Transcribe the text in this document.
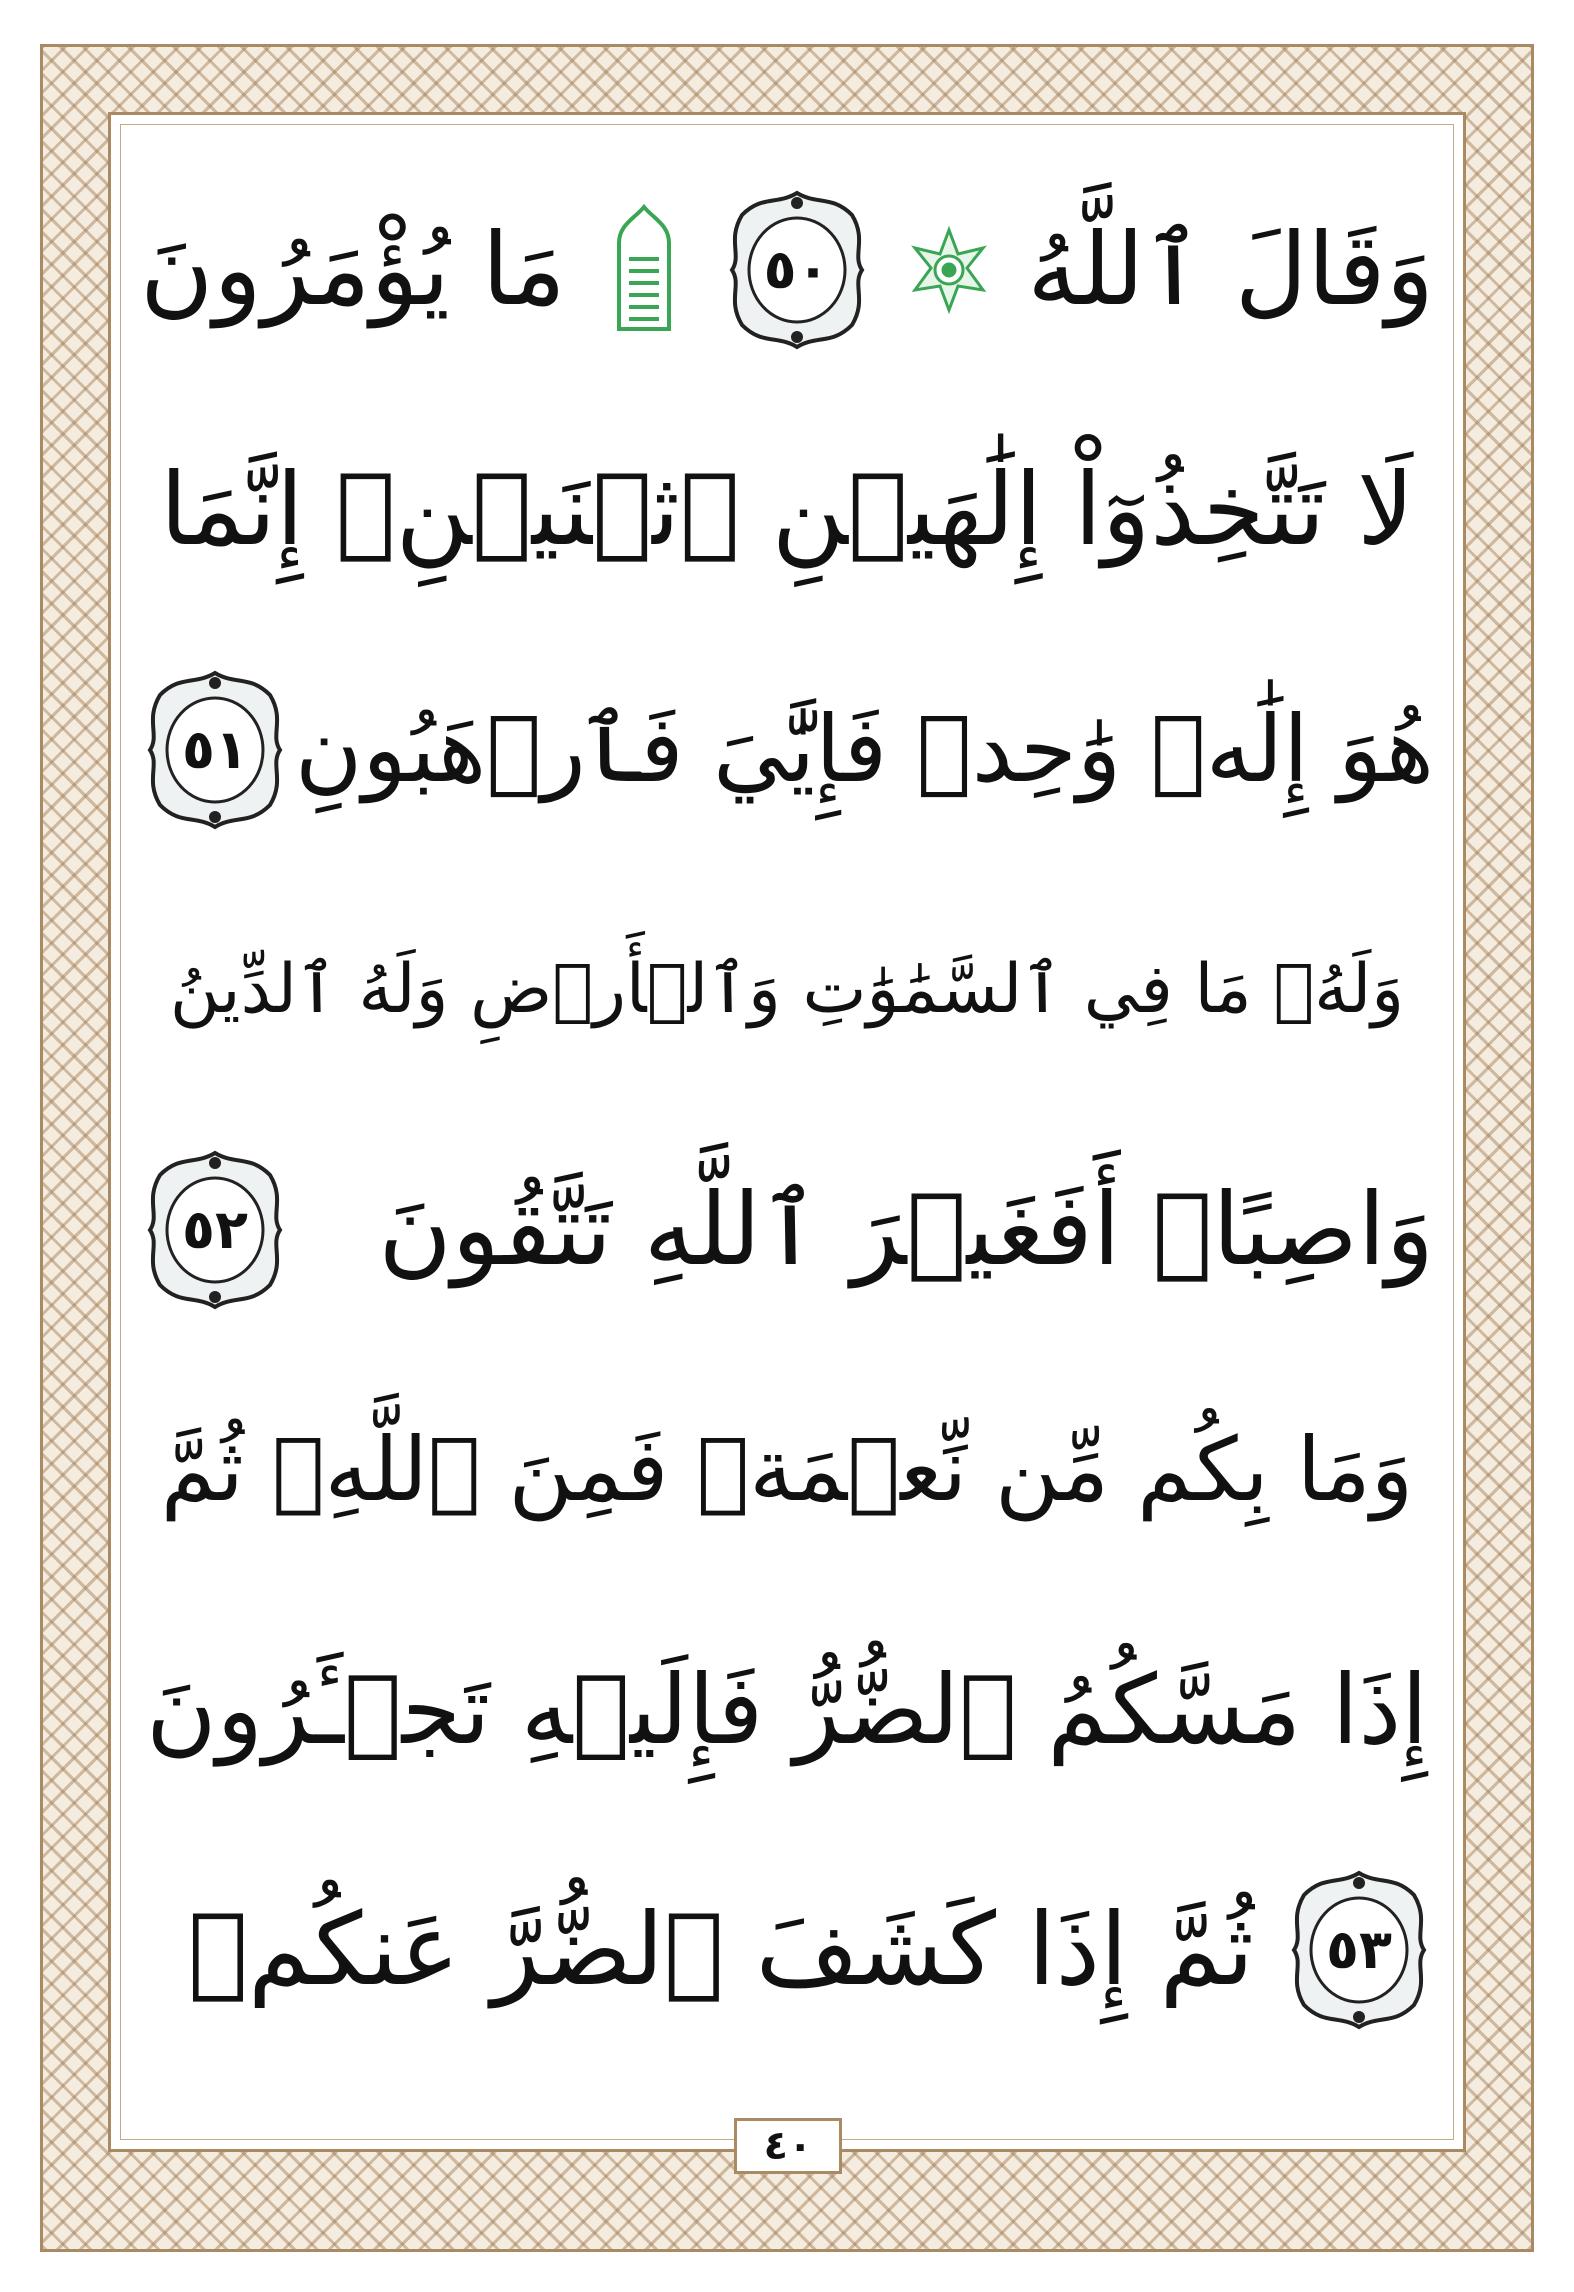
وَقَالَ ٱللَّهُ
٥٠
مَا يُؤْمَرُونَ
لَا تَتَّخِذُوٓاْ إِلَٰهَيۡنِ ٱثۡنَيۡنِۖ إِنَّمَا
هُوَ إِلَٰهٞ وَٰحِدٞ فَإِيَّٰيَ فَٱرۡهَبُونِ
٥١
وَلَهُۥ مَا فِي ٱلسَّمَٰوَٰتِ وَٱلۡأَرۡضِ وَلَهُ ٱلدِّينُ
وَاصِبًاۚ أَفَغَيۡرَ ٱللَّهِ تَتَّقُونَ
٥٢
وَمَا بِكُم مِّن نِّعۡمَةٖ فَمِنَ ٱللَّهِۖ ثُمَّ
إِذَا مَسَّكُمُ ٱلضُّرُّ فَإِلَيۡهِ تَجۡـَٔرُونَ
٥٣
ثُمَّ إِذَا كَشَفَ ٱلضُّرَّ عَنكُمۡ
٤٠
